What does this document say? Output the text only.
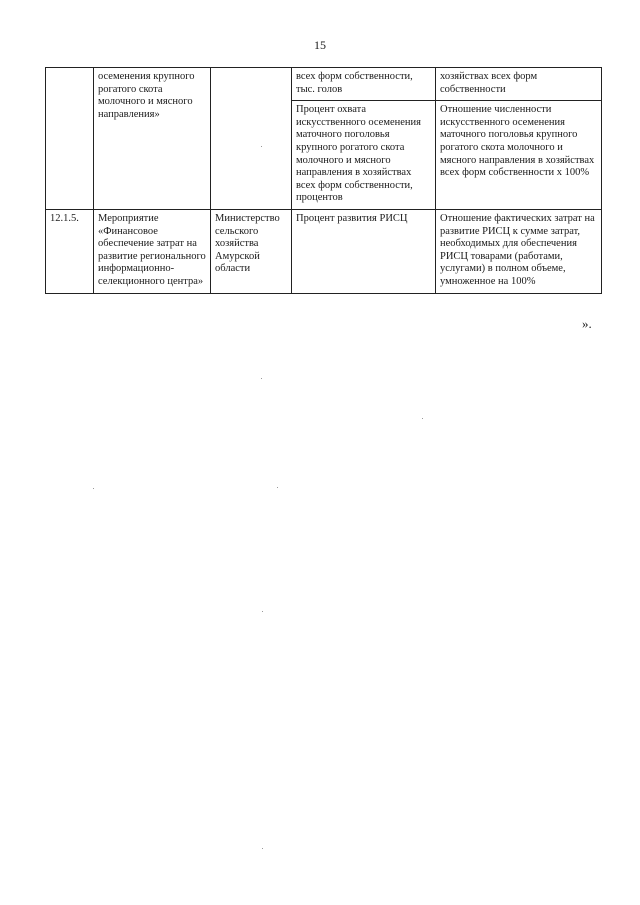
15
	осеменения крупного рогатого скота молочного и мясного направления»		всех форм собственности, тыс. голов	хозяйствах всех форм собственности
			Процент охвата искусственного осеменения маточного поголовья крупного рогатого скота молочного и мясного направления в хозяйствах всех форм собственности, процентов	Отношение численности искусственного осеменения маточного поголовья крупного рогатого скота молочного и мясного направления в хозяйствах всех форм собственности х 100%
12.1.5.	Мероприятие «Финансовое обеспечение затрат на развитие регионального информационно-селекционного центра»	Министерство сельского хозяйства Амурской области	Процент развития РИСЦ	Отношение фактических затрат на развитие РИСЦ к сумме затрат, необходимых для обеспечения РИСЦ товарами (работами, услугами) в полном объеме, умноженное на 100%
».
